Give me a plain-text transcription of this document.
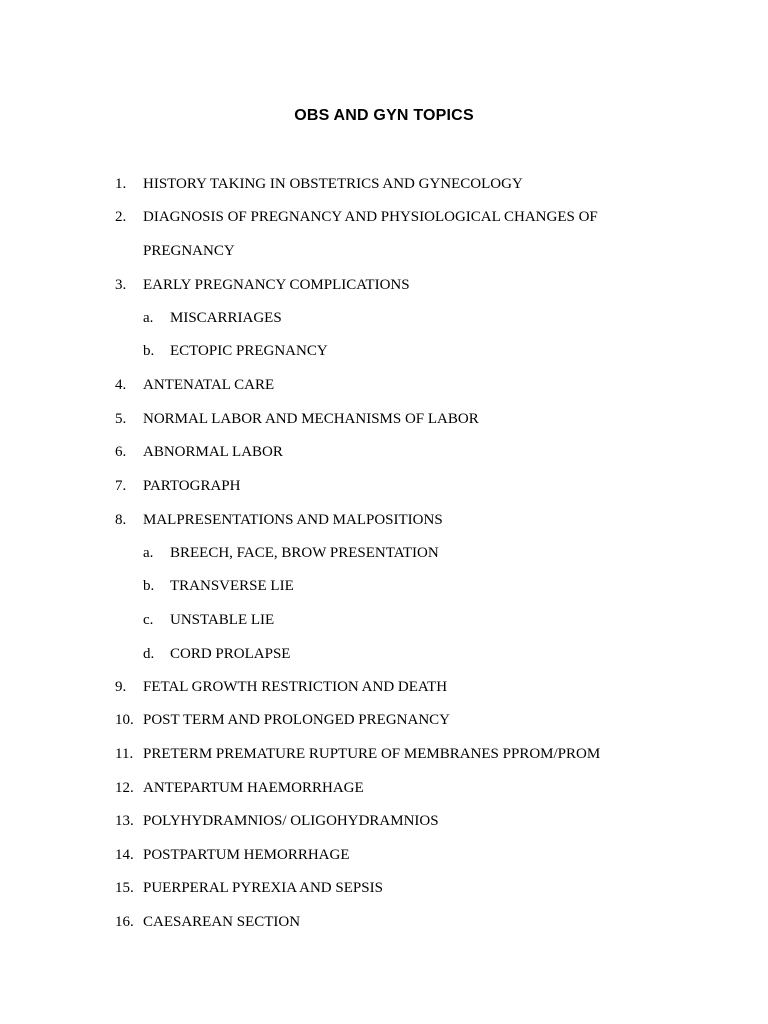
OBS AND GYN TOPICS
1. HISTORY TAKING IN OBSTETRICS AND GYNECOLOGY
2. DIAGNOSIS OF PREGNANCY AND PHYSIOLOGICAL CHANGES OF
PREGNANCY
3. EARLY PREGNANCY COMPLICATIONS
a. MISCARRIAGES
b. ECTOPIC PREGNANCY
4. ANTENATAL CARE
5. NORMAL LABOR AND MECHANISMS OF LABOR
6. ABNORMAL LABOR
7. PARTOGRAPH
8. MALPRESENTATIONS AND MALPOSITIONS
a. BREECH, FACE, BROW PRESENTATION
b. TRANSVERSE LIE
c. UNSTABLE LIE
d. CORD PROLAPSE
9. FETAL GROWTH RESTRICTION AND DEATH
10. POST TERM AND PROLONGED PREGNANCY
11. PRETERM PREMATURE RUPTURE OF MEMBRANES PPROM/PROM
12. ANTEPARTUM HAEMORRHAGE
13. POLYHYDRAMNIOS/ OLIGOHYDRAMNIOS
14. POSTPARTUM HEMORRHAGE
15. PUERPERAL PYREXIA AND SEPSIS
16. CAESAREAN SECTION
